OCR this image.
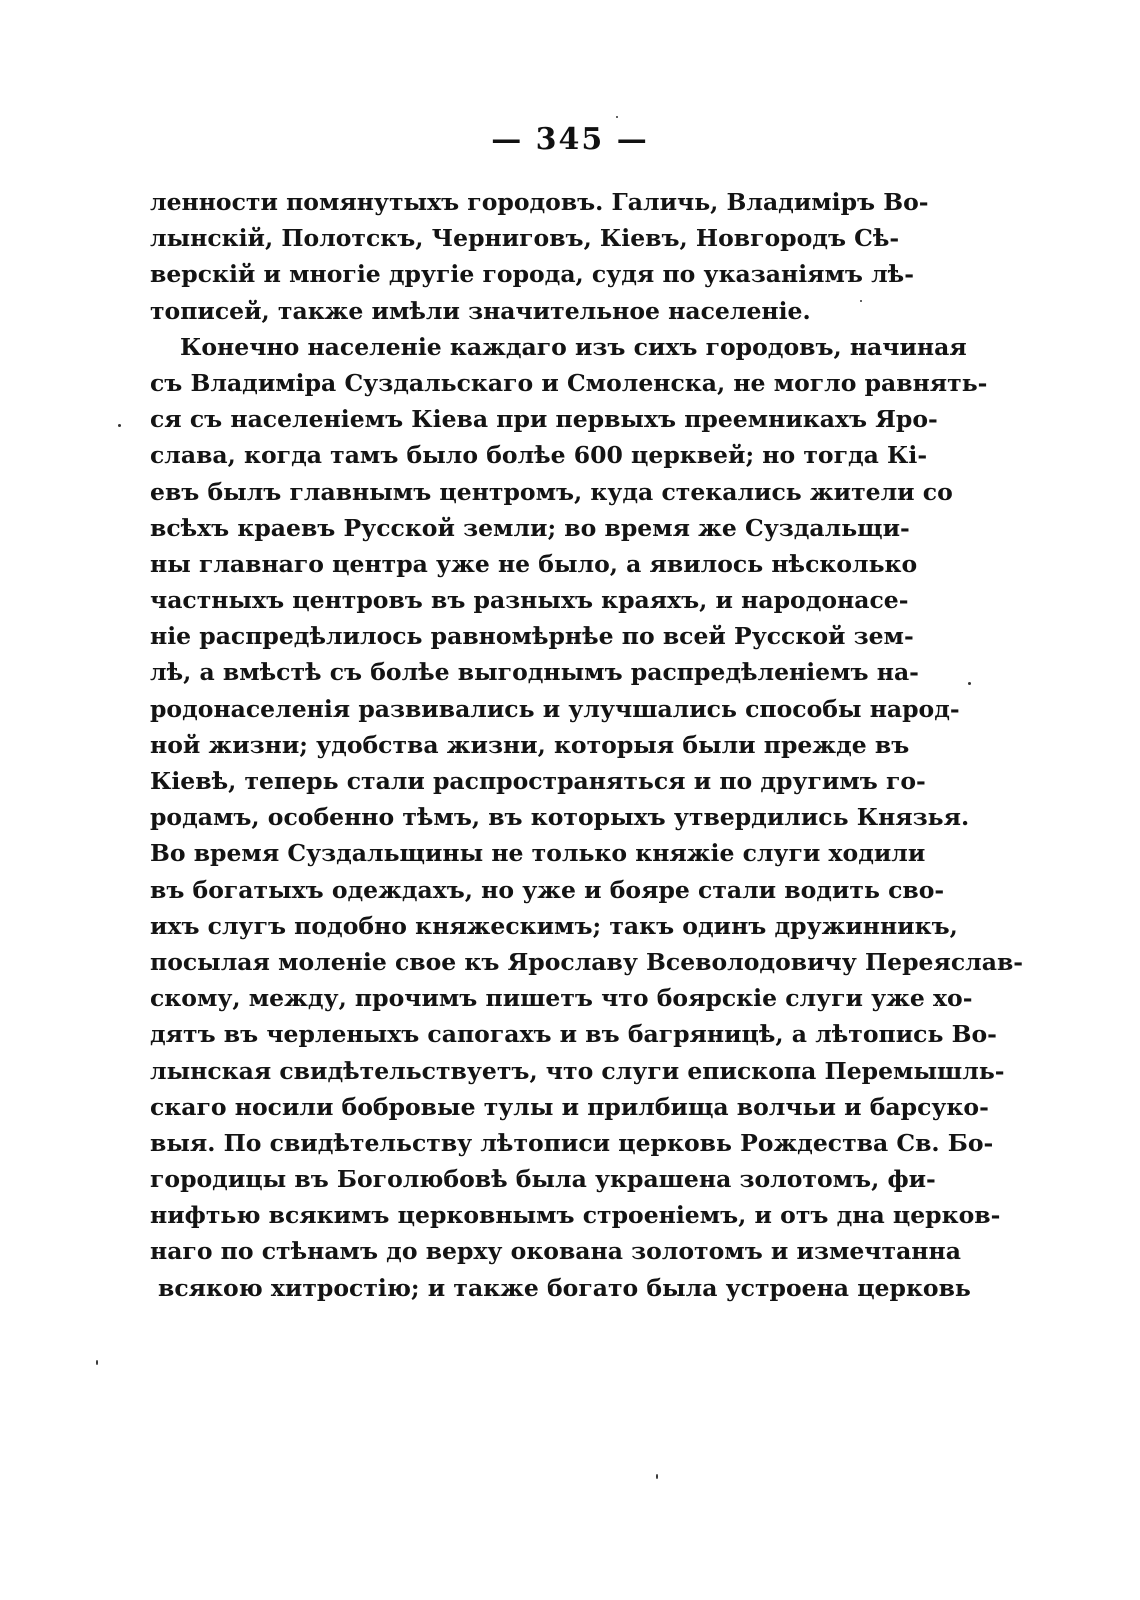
— 345 —
ленности помянутыхъ городовъ. Галичь, Владиміръ Во-
лынскій, Полотскъ, Черниговъ, Кіевъ, Новгородъ Сѣ-
верскій и многіе другіе города, судя по указаніямъ лѣ-
тописей, также имѣли значительное населеніе.
Конечно населеніе каждаго изъ сихъ городовъ, начиная
съ Владиміра Суздальскаго и Смоленска, не могло равнять-
ся съ населеніемъ Кіева при первыхъ преемникахъ Яро-
слава, когда тамъ было болѣе 600 церквей; но тогда Кі-
евъ былъ главнымъ центромъ, куда стекались жители со
всѣхъ краевъ Русской земли; во время же Суздальщи-
ны главнаго центра уже не было, а явилось нѣсколько
частныхъ центровъ въ разныхъ краяхъ, и народонасе-
ніе распредѣлилось равномѣрнѣе по всей Русской зем-
лѣ, а вмѣстѣ съ болѣе выгоднымъ распредѣленіемъ на-
родонаселенія развивались и улучшались способы народ-
ной жизни; удобства жизни, которыя были прежде въ
Кіевѣ, теперь стали распространяться и по другимъ го-
родамъ, особенно тѣмъ, въ которыхъ утвердились Князья.
Во время Суздальщины не только княжіе слуги ходили
въ богатыхъ одеждахъ, но уже и бояре стали водить сво-
ихъ слугъ подобно княжескимъ; такъ одинъ дружинникъ,
посылая моленіе свое къ Ярославу Всеволодовичу Переяслав-
скому, между, прочимъ пишетъ что боярскіе слуги уже хо-
дятъ въ черленыхъ сапогахъ и въ багряницѣ, а лѣтопись Во-
лынская свидѣтельствуетъ, что слуги епископа Перемышль-
скаго носили бобровые тулы и прилбища волчьи и барсуко-
выя. По свидѣтельству лѣтописи церковь Рождества Св. Бо-
городицы въ Боголюбовѣ была украшена золотомъ, фи-
нифтью всякимъ церковнымъ строеніемъ, и отъ дна церков-
наго по стѣнамъ до верху окована золотомъ и измечтанна
всякою хитростію; и также богато была устроена церковь
